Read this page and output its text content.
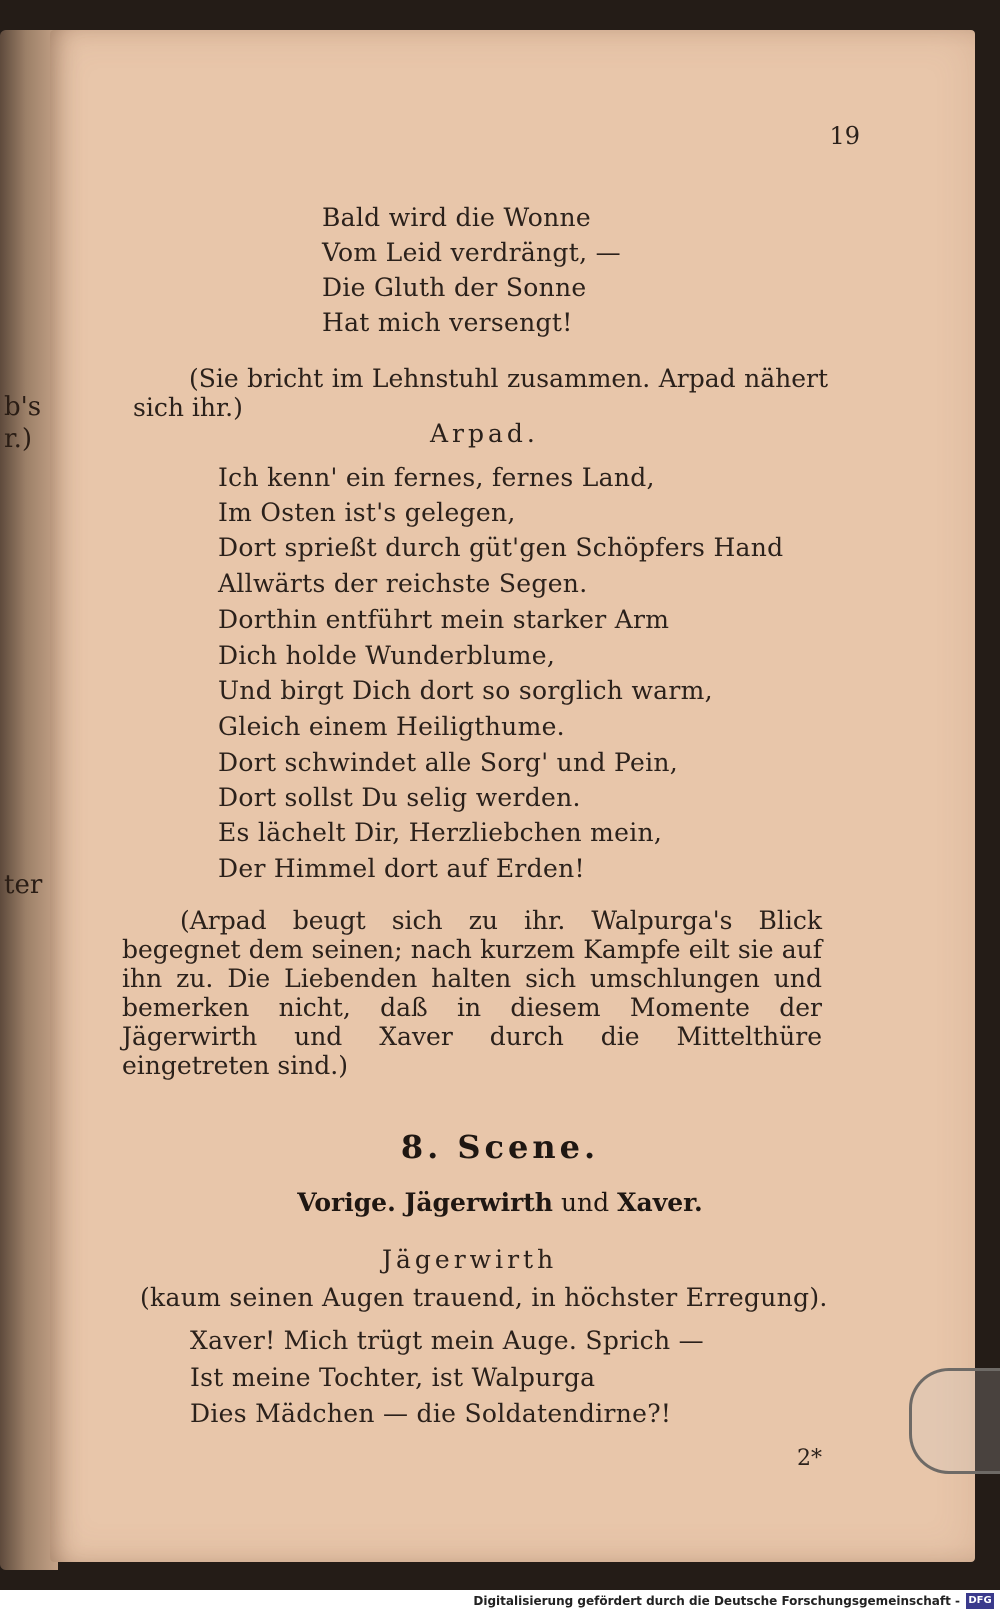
b's
r.)
ter
19
Bald wird die Wonne
Vom Leid verdrängt, —
Die Gluth der Sonne
Hat mich versengt!
(Sie bricht im Lehnstuhl zusammen. Arpad nähert sich ihr.)
Arpad.
Ich kenn' ein fernes, fernes Land,
Im Osten ist's gelegen,
Dort sprießt durch güt'gen Schöpfers Hand
Allwärts der reichste Segen.
Dorthin entführt mein starker Arm
Dich holde Wunderblume,
Und birgt Dich dort so sorglich warm,
Gleich einem Heiligthume.
Dort schwindet alle Sorg' und Pein,
Dort sollst Du selig werden.
Es lächelt Dir, Herzliebchen mein,
Der Himmel dort auf Erden!
(Arpad beugt sich zu ihr. Walpurga's Blick begegnet dem seinen; nach kurzem Kampfe eilt sie auf ihn zu. Die Liebenden halten sich umschlungen und bemerken nicht, daß in diesem Momente der Jägerwirth und Xaver durch die Mittelthüre eingetreten sind.)
8. Scene.
Vorige. Jägerwirth und Xaver.
Jägerwirth
(kaum seinen Augen trauend, in höchster Erregung).
Xaver! Mich trügt mein Auge. Sprich —
Ist meine Tochter, ist Walpurga
Dies Mädchen — die Soldatendirne?!
2*
Digitalisierung gefördert durch die Deutsche Forschungsgemeinschaft - DFG
